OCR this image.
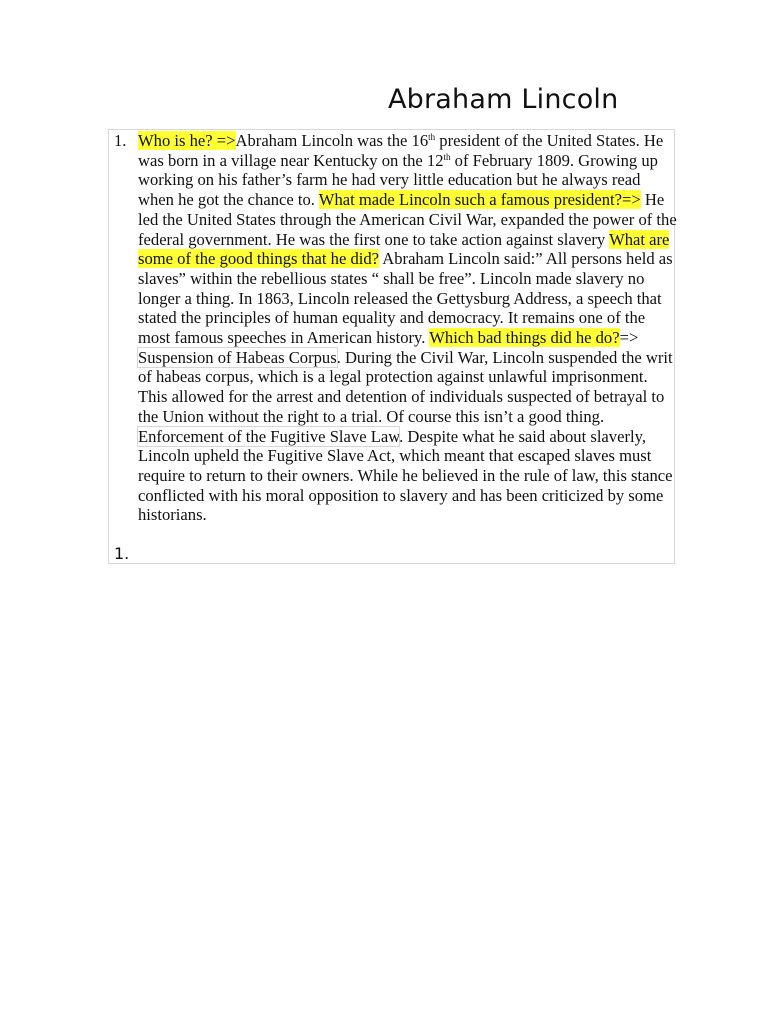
Abraham Lincoln
1. Who is he? =>Abraham Lincoln was the 16th president of the United States. He was born in a village near Kentucky on the 12th of February 1809. Growing up working on his father’s farm he had very little education but he always read when he got the chance to. What made Lincoln such a famous president?=> He led the United States through the American Civil War, expanded the power of the federal government. He was the first one to take action against slavery What are some of the good things that he did? Abraham Lincoln said:” All persons held as slaves” within the rebellious states “ shall be free”. Lincoln made slavery no longer a thing. In 1863, Lincoln released the Gettysburg Address, a speech that stated the principles of human equality and democracy. It remains one of the most famous speeches in American history. Which bad things did he do?=> Suspension of Habeas Corpus. During the Civil War, Lincoln suspended the writ of habeas corpus, which is a legal protection against unlawful imprisonment. This allowed for the arrest and detention of individuals suspected of betrayal to the Union without the right to a trial. Of course this isn’t a good thing. Enforcement of the Fugitive Slave Law. Despite what he said about slaverly, Lincoln upheld the Fugitive Slave Act, which meant that escaped slaves must require to return to their owners. While he believed in the rule of law, this stance conflicted with his moral opposition to slavery and has been criticized by some historians.

1.
